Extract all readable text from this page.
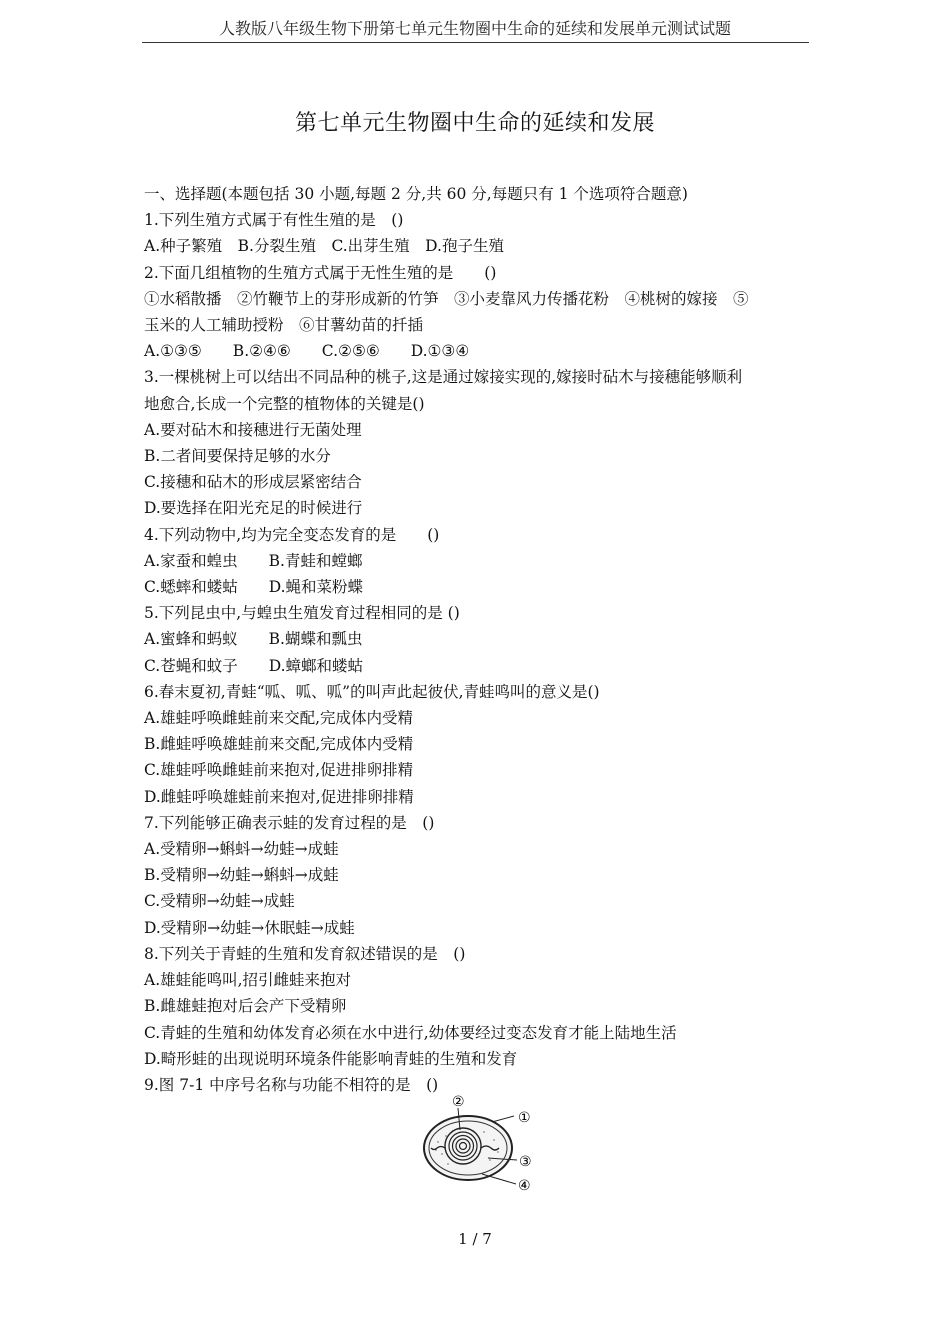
人教版八年级生物下册第七单元生物圈中生命的延续和发展单元测试试题
第七单元生物圈中生命的延续和发展
一、选择题(本题包括 30 小题,每题 2 分,共 60 分,每题只有 1 个选项符合题意)
1.下列生殖方式属于有性生殖的是　()
A.种子繁殖　B.分裂生殖　C.出芽生殖　D.孢子生殖
2.下面几组植物的生殖方式属于无性生殖的是　　()
①水稻散播　②竹鞭节上的芽形成新的竹笋　③小麦靠风力传播花粉　④桃树的嫁接　⑤
玉米的人工辅助授粉　⑥甘薯幼苗的扦插
A.①③⑤　　B.②④⑥　　C.②⑤⑥　　D.①③④
3.一棵桃树上可以结出不同品种的桃子,这是通过嫁接实现的,嫁接时砧木与接穗能够顺利
地愈合,长成一个完整的植物体的关键是()
A.要对砧木和接穗进行无菌处理
B.二者间要保持足够的水分
C.接穗和砧木的形成层紧密结合
D.要选择在阳光充足的时候进行
4.下列动物中,均为完全变态发育的是　　()
A.家蚕和蝗虫　　B.青蛙和螳螂
C.蟋蟀和蝼蛄　　D.蝇和菜粉蝶
5.下列昆虫中,与蝗虫生殖发育过程相同的是 ()
A.蜜蜂和蚂蚁　　B.蝴蝶和瓢虫
C.苍蝇和蚊子　　D.蟑螂和蝼蛄
6.春末夏初,青蛙“呱、呱、呱”的叫声此起彼伏,青蛙鸣叫的意义是()
A.雄蛙呼唤雌蛙前来交配,完成体内受精
B.雌蛙呼唤雄蛙前来交配,完成体内受精
C.雄蛙呼唤雌蛙前来抱对,促进排卵排精
D.雌蛙呼唤雄蛙前来抱对,促进排卵排精
7.下列能够正确表示蛙的发育过程的是　()
A.受精卵→蝌蚪→幼蛙→成蛙
B.受精卵→幼蛙→蝌蚪→成蛙
C.受精卵→幼蛙→成蛙
D.受精卵→幼蛙→休眠蛙→成蛙
8.下列关于青蛙的生殖和发育叙述错误的是　()
A.雄蛙能鸣叫,招引雌蛙来抱对
B.雌雄蛙抱对后会产下受精卵
C.青蛙的生殖和幼体发育必须在水中进行,幼体要经过变态发育才能上陆地生活
D.畸形蛙的出现说明环境条件能影响青蛙的生殖和发育
9.图 7-1 中序号名称与功能不相符的是　()
②
①
③
④
1 / 7
